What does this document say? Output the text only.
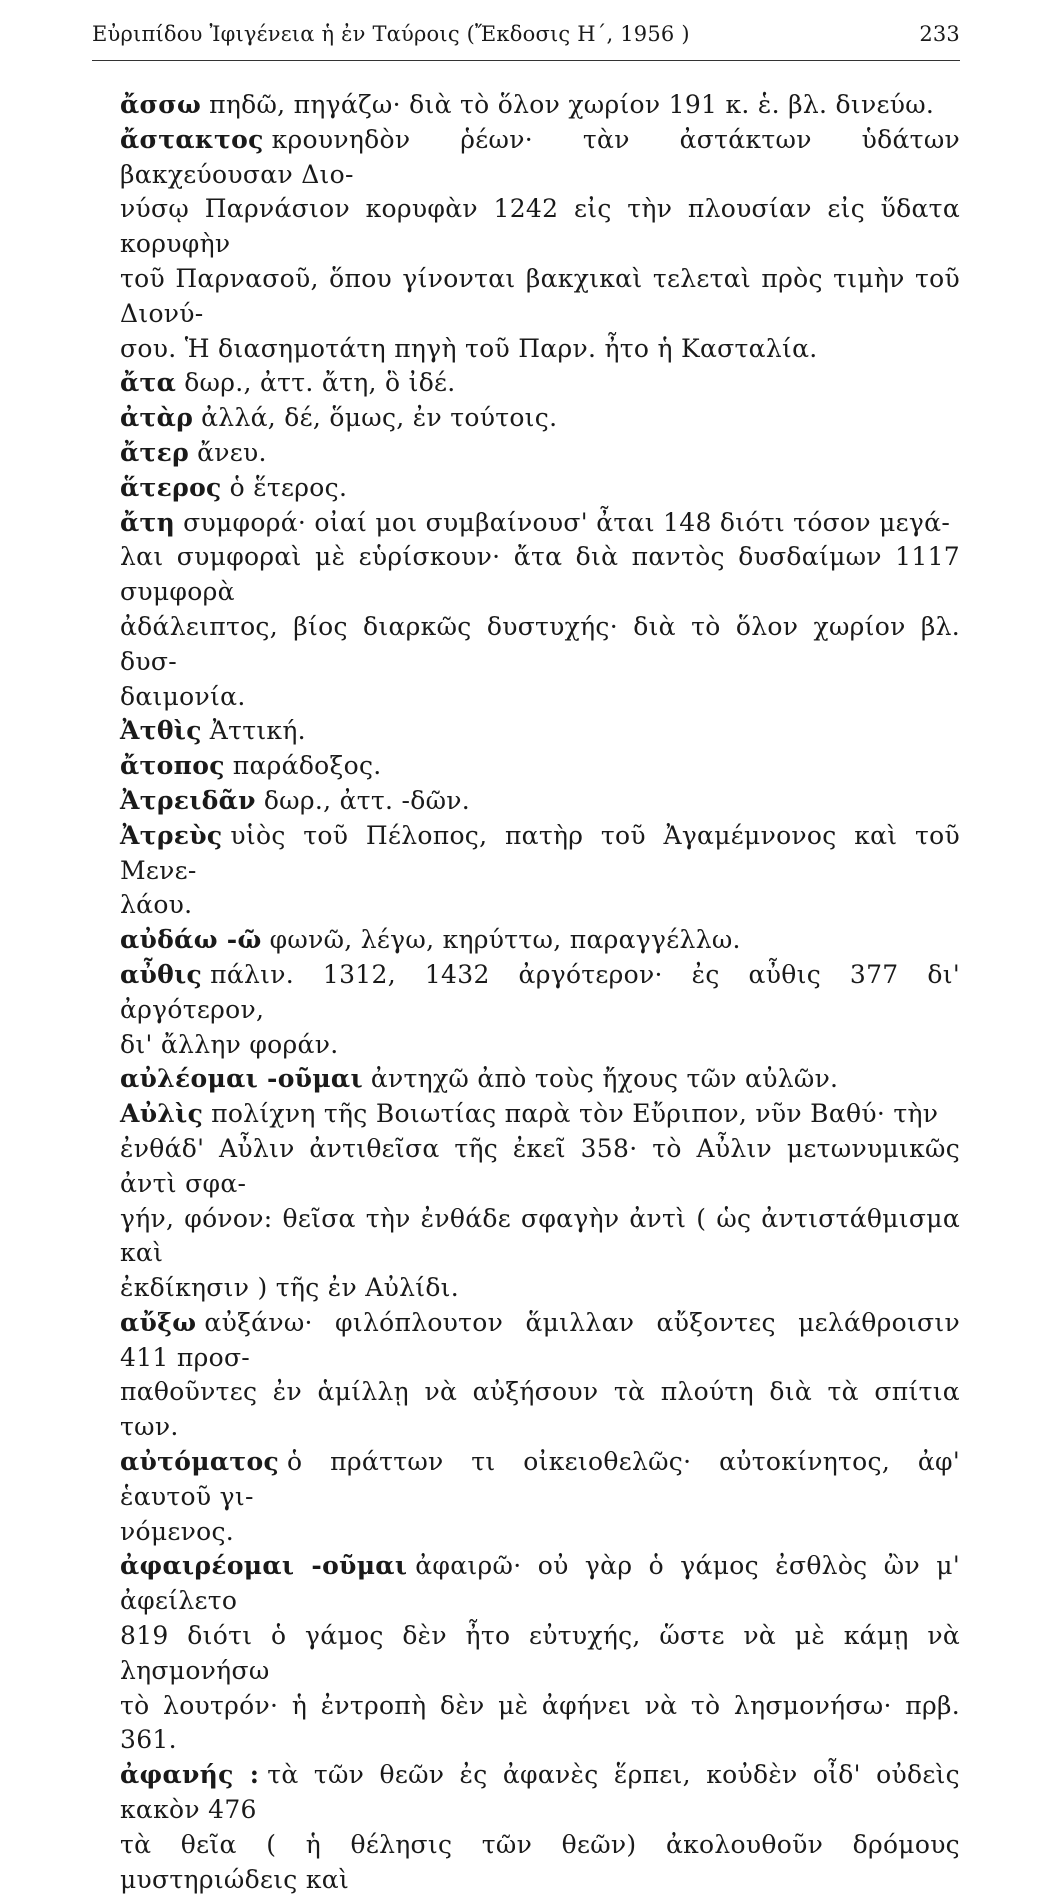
Εὐριπίδου Ἰφιγένεια ἡ ἐν Ταύροις (Ἔκδοσις Η΄, 1956 )	233

ἄσσω πηδῶ, πηγάζω· διὰ τὸ ὅλον χωρίον 191 κ. ἑ. βλ. δινεύω.

ἄστακτος κρουνηδὸν ῥέων· τὰν ἀστάκτων ὑδάτων βακχεύουσαν Διο-
νύσῳ Παρνάσιον κορυφὰν 1242 εἰς τὴν πλουσίαν εἰς ὕδατα κορυφὴν
τοῦ Παρνασοῦ, ὅπου γίνονται βακχικαὶ τελεταὶ πρὸς τιμὴν τοῦ Διονύ-
σου. Ἡ διασημοτάτη πηγὴ τοῦ Παρν. ἦτο ἡ Κασταλία.

ἄτα δωρ., ἀττ. ἄτη, ὃ ἰδέ.

ἀτὰρ ἀλλά, δέ, ὅμως, ἐν τούτοις.

ἄτερ ἄνευ.

ἅτερος ὁ ἕτερος.

ἄτη συμφορά· οἰαί μοι συμβαίνουσ' ἆται 148 διότι τόσον μεγά-
λαι συμφοραὶ μὲ εὑρίσκουν· ἄτα διὰ παντὸς δυσδαίμων 1117 συμφορὰ
ἀδάλειπτος, βίος διαρκῶς δυστυχής· διὰ τὸ ὅλον χωρίον βλ. δυσ-
δαιμονία.

Ἀτθὶς Ἀττική.

ἄτοπος παράδοξος.

Ἀτρειδᾶν δωρ., ἀττ. -δῶν.

Ἀτρεὺς υἱὸς τοῦ Πέλοπος, πατὴρ τοῦ Ἀγαμέμνονος καὶ τοῦ Μενε-
λάου.

αὐδάω -ῶ φωνῶ, λέγω, κηρύττω, παραγγέλλω.

αὖθις πάλιν. 1312, 1432 ἀργότερον· ἐς αὖθις 377 δι' ἀργότερον,
δι' ἄλλην φοράν.

αὐλέομαι -οῦμαι ἀντηχῶ ἀπὸ τοὺς ἤχους τῶν αὐλῶν.

Αὐλὶς πολίχνη τῆς Βοιωτίας παρὰ τὸν Εὔριπον, νῦν Βαθύ· τὴν
ἐνθάδ' Αὖλιν ἀντιθεῖσα τῆς ἐκεῖ 358· τὸ Αὖλιν μετωνυμικῶς ἀντὶ σφα-
γήν, φόνον: θεῖσα τὴν ἐνθάδε σφαγὴν ἀντὶ ( ὡς ἀντιστάθμισμα καὶ
ἐκδίκησιν ) τῆς ἐν Αὐλίδι.

αὔξω αὐξάνω· φιλόπλουτον ἅμιλλαν αὔξοντες μελάθροισιν 411 προσ-
παθοῦντες ἐν ἁμίλλῃ νὰ αὐξήσουν τὰ πλούτη διὰ τὰ σπίτια των.

αὐτόματος ὁ πράττων τι οἰκειοθελῶς· αὐτοκίνητος, ἀφ' ἑαυτοῦ γι-
νόμενος.

ἀφαιρέομαι -οῦμαι ἀφαιρῶ· οὐ γὰρ ὁ γάμος ἐσθλὸς ὢν μ' ἀφείλετο
819 διότι ὁ γάμος δὲν ἦτο εὐτυχής, ὥστε νὰ μὲ κάμῃ νὰ λησμονήσω
τὸ λουτρόν· ἡ ἐντροπὴ δὲν μὲ ἀφήνει νὰ τὸ λησμονήσω· πρβ. 361.

ἀφανής : τὰ τῶν θεῶν ἐς ἀφανὲς ἕρπει, κοὐδὲν οἶδ' οὐδεὶς κακὸν 476
τὰ θεῖα ( ἡ θέλησις τῶν θεῶν) ἀκολουθοῦν δρόμους μυστηριώδεις καὶ
